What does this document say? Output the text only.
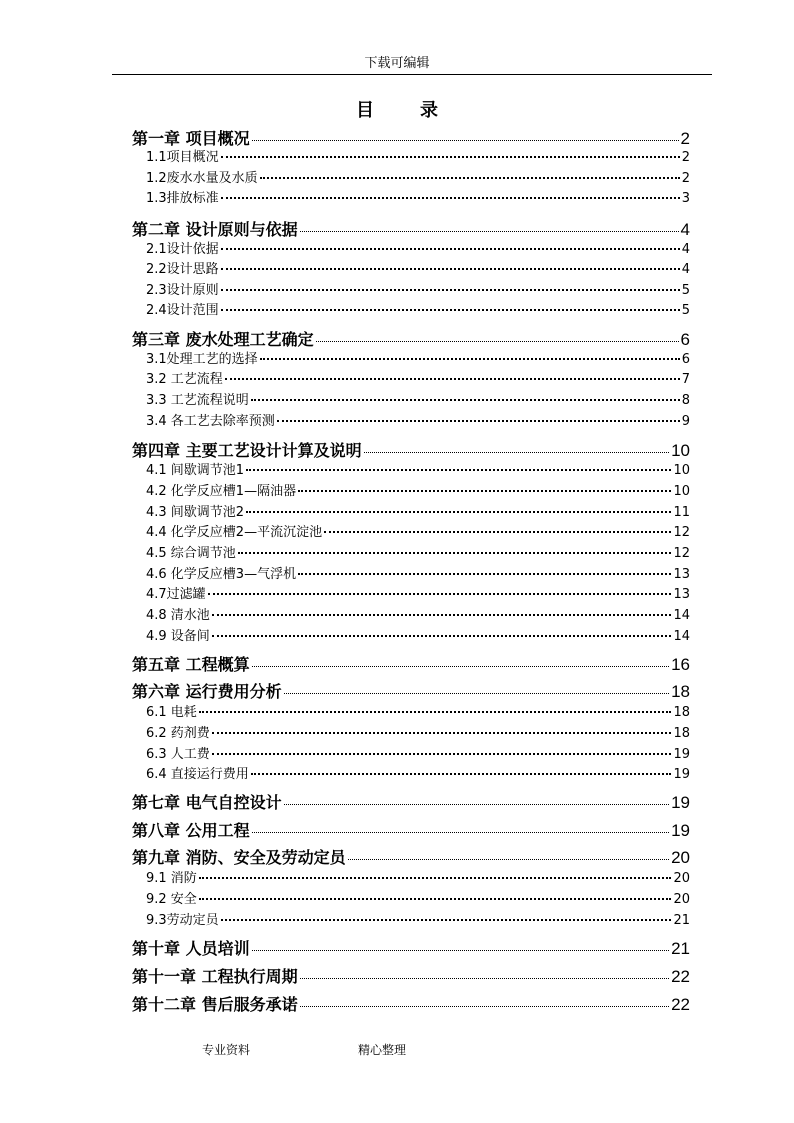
下载可编辑
目	录
第一章 项目概况	2
1.1项目概况	2
1.2废水水量及水质	2
1.3排放标准	3
第二章 设计原则与依据	4
2.1设计依据	4
2.2设计思路	4
2.3设计原则	5
2.4设计范围	5
第三章 废水处理工艺确定	6
3.1处理工艺的选择	6
3.2 工艺流程	7
3.3 工艺流程说明	8
3.4 各工艺去除率预测	9
第四章 主要工艺设计计算及说明	10
4.1 间歇调节池1	10
4.2 化学反应槽1—隔油器	10
4.3 间歇调节池2	11
4.4 化学反应槽2—平流沉淀池	12
4.5 综合调节池	12
4.6 化学反应槽3—气浮机	13
4.7过滤罐	13
4.8 清水池	14
4.9 设备间	14
第五章 工程概算	16
第六章 运行费用分析	18
6.1 电耗	18
6.2 药剂费	18
6.3 人工费	19
6.4 直接运行费用	19
第七章 电气自控设计	19
第八章 公用工程	19
第九章 消防、安全及劳动定员	20
9.1 消防	20
9.2 安全	20
9.3劳动定员	21
第十章 人员培训	21
第十一章 工程执行周期	22
第十二章 售后服务承诺	22
专业资料	精心整理
